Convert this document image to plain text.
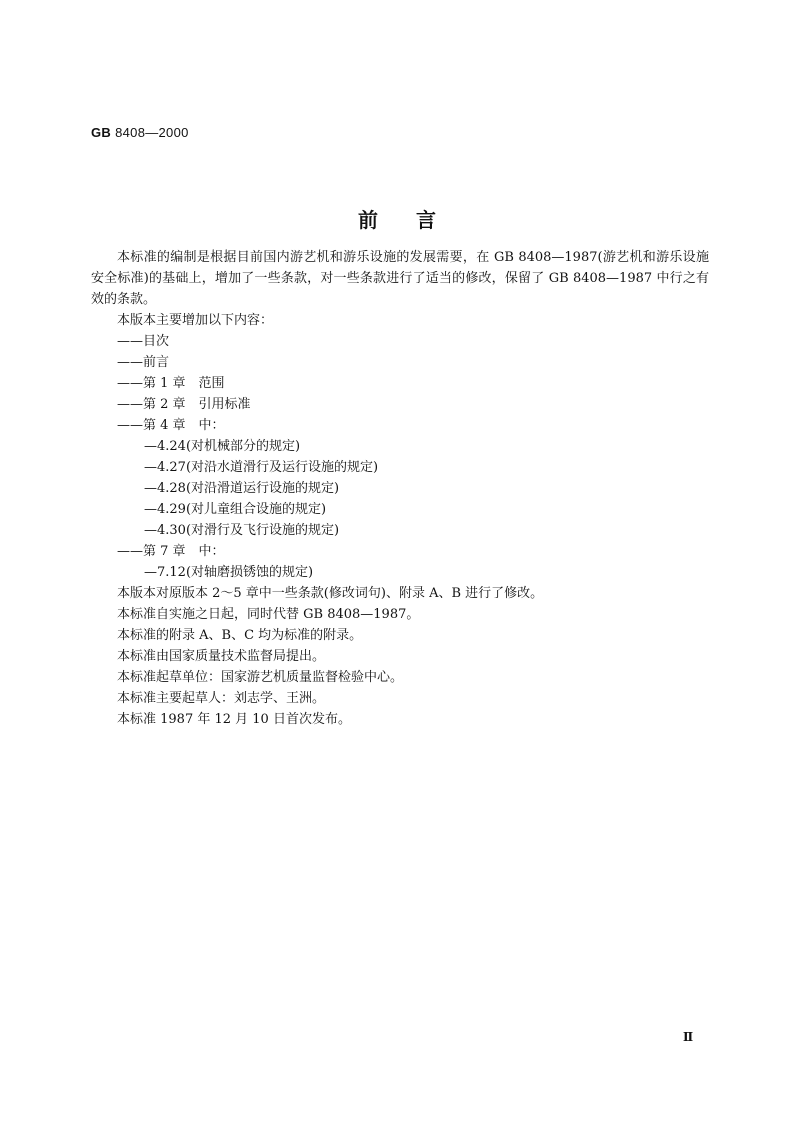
GB 8408—2000
前言
本标准的编制是根据目前国内游艺机和游乐设施的发展需要，在 GB 8408—1987(游艺机和游乐设施安全标准)的基础上，增加了一些条款，对一些条款进行了适当的修改，保留了 GB 8408—1987 中行之有效的条款。
本版本主要增加以下内容：
——目次
——前言
——第 1 章　范围
——第 2 章　引用标准
——第 4 章　中：
—4.24(对机械部分的规定)
—4.27(对沿水道滑行及运行设施的规定)
—4.28(对沿滑道运行设施的规定)
—4.29(对儿童组合设施的规定)
—4.30(对滑行及飞行设施的规定)
——第 7 章　中：
—7.12(对轴磨损锈蚀的规定)
本版本对原版本 2～5 章中一些条款(修改词句)、附录 A、B 进行了修改。
本标准自实施之日起，同时代替 GB 8408—1987。
本标准的附录 A、B、C 均为标准的附录。
本标准由国家质量技术监督局提出。
本标准起草单位：国家游艺机质量监督检验中心。
本标准主要起草人：刘志学、王洲。
本标准 1987 年 12 月 10 日首次发布。
Ⅱ
